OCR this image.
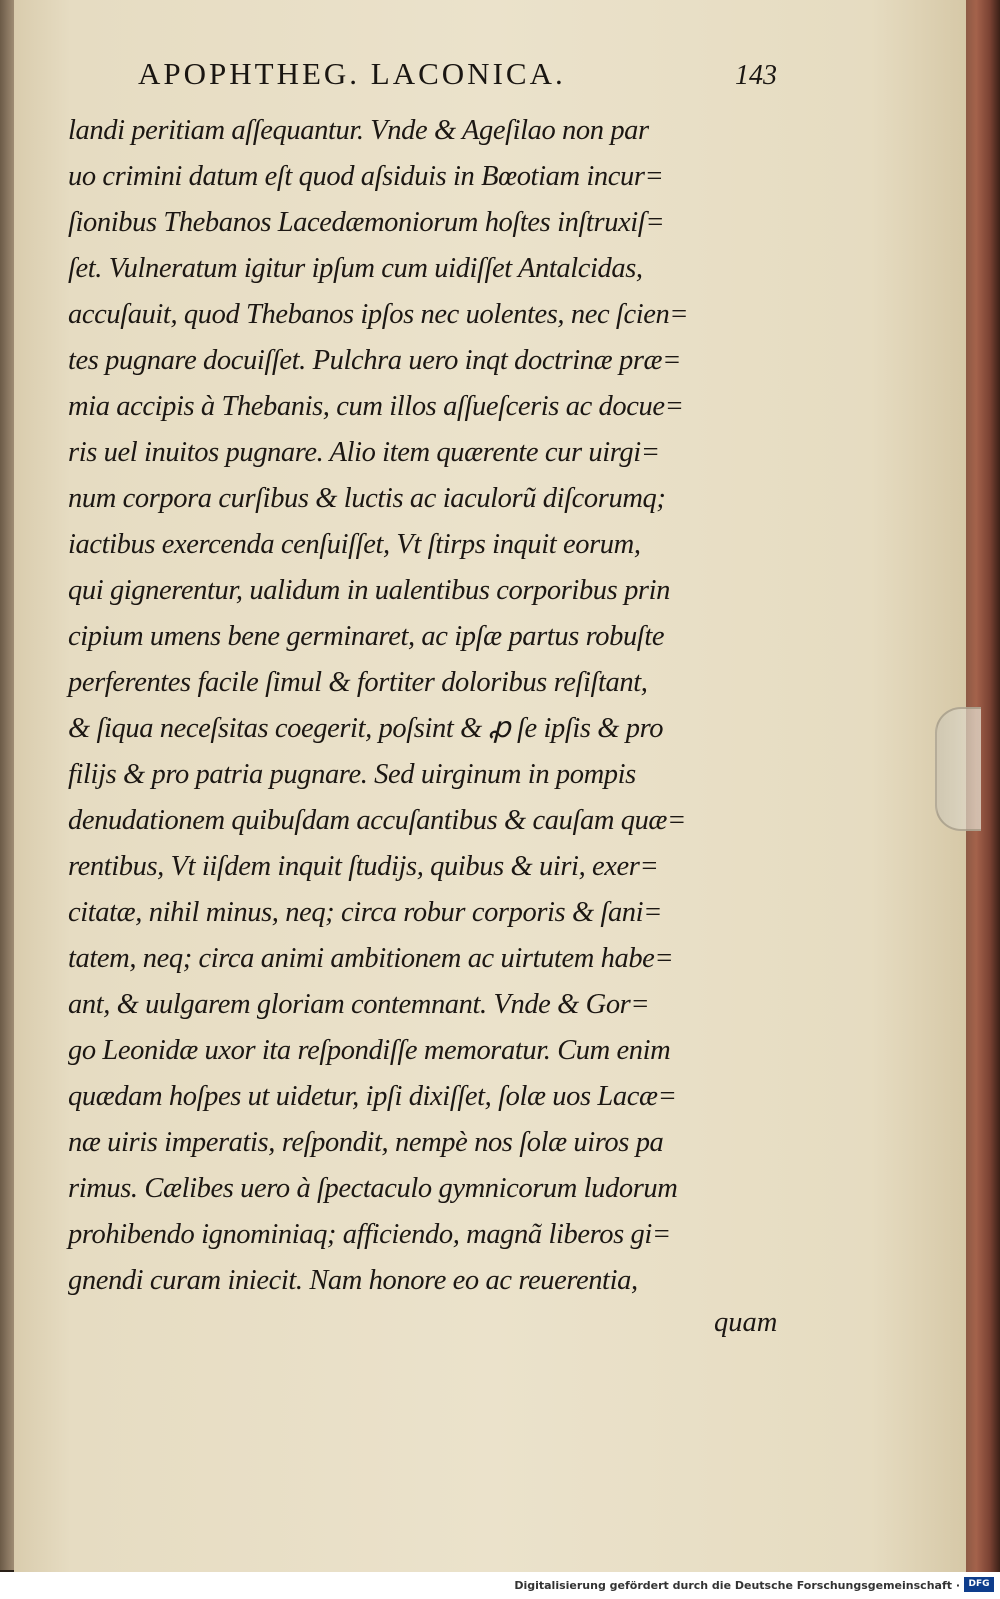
APOPHTHEG. LACONICA.	143
landi peritiam aſſequantur. Vnde & Ageſilao non par
uo crimini datum eſt quod aſsiduis in Bœotiam incur=
ſionibus Thebanos Lacedæmoniorum hoſtes inſtruxiſ=
ſet. Vulneratum igitur ipſum cum uidiſſet Antalcidas,
accuſauit, quod Thebanos ipſos nec uolentes, nec ſcien=
tes pugnare docuiſſet. Pulchra uero inqt doctrinæ præ=
mia accipis à Thebanis, cum illos aſſueſceris ac docue=
ris uel inuitos pugnare. Alio item quærente cur uirgi=
num corpora curſibus & luctis ac iaculorũ diſcorumq;
iactibus exercenda cenſuiſſet, Vt ſtirps inquit eorum,
qui gignerentur, ualidum in ualentibus corporibus prin
cipium umens bene germinaret, ac ipſæ partus robuſte
perferentes facile ſimul & fortiter doloribus reſiſtant,
& ſiqua neceſsitas coegerit, poſsint & ꝓ ſe ipſis & pro
filijs & pro patria pugnare. Sed uirginum in pompis
denudationem quibuſdam accuſantibus & cauſam quæ=
rentibus, Vt iiſdem inquit ſtudijs, quibus & uiri, exer=
citatæ, nihil minus, neq; circa robur corporis & ſani=
tatem, neq; circa animi ambitionem ac uirtutem habe=
ant, & uulgarem gloriam contemnant. Vnde & Gor=
go Leonidæ uxor ita reſpondiſſe memoratur. Cum enim
quædam hoſpes ut uidetur, ipſi dixiſſet, ſolæ uos Lacæ=
næ uiris imperatis, reſpondit, nempè nos ſolæ uiros pa
rimus. Cælibes uero à ſpectaculo gymnicorum ludorum
prohibendo ignominiaq; afficiendo, magnã liberos gi=
gnendi curam iniecit. Nam honore eo ac reuerentia,
quam
Digitalisierung gefördert durch die Deutsche Forschungsgemeinschaft · DFG
